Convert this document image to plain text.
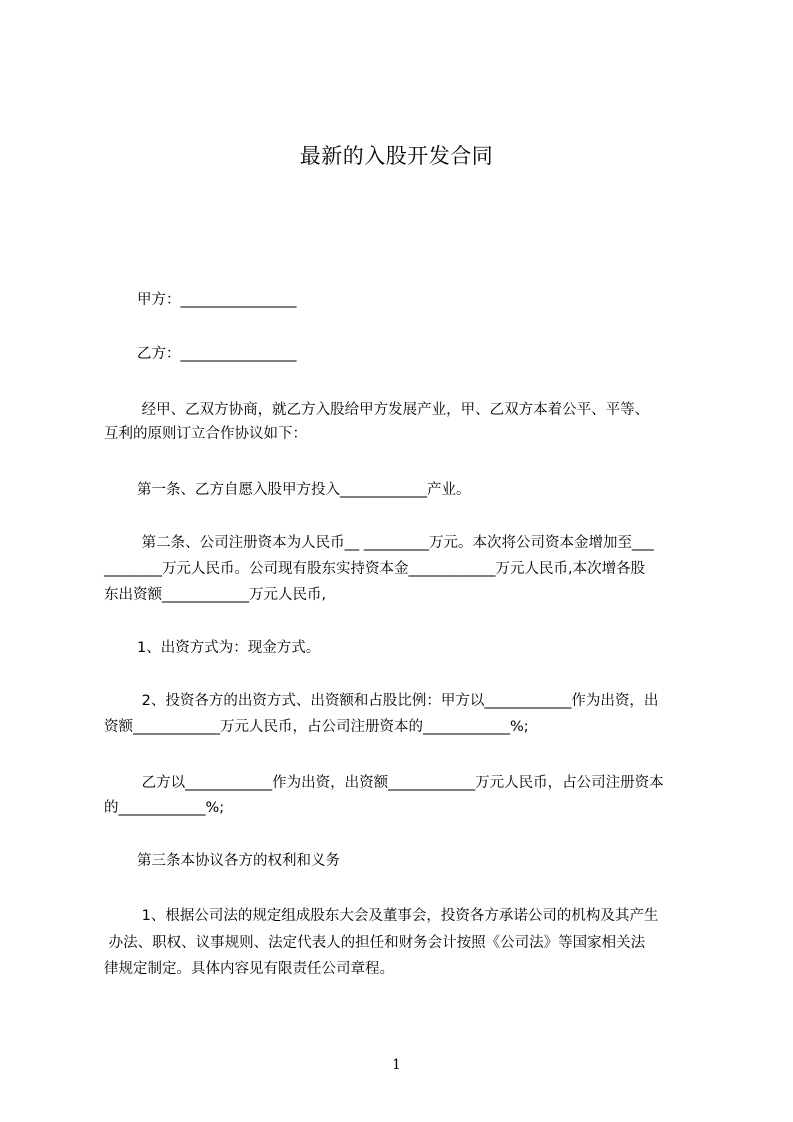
最新的入股开发合同
甲方：________________
乙方：________________
经甲、乙双方协商，就乙方入股给甲方发展产业，甲、乙双方本着公平、平等、
互利的原则订立合作协议如下：
第一条、乙方自愿入股甲方投入____________产业。
第二条、公司注册资本为人民币__ _________万元。本次将公司资本金增加至___
________万元人民币。公司现有股东实持资本金____________万元人民币,本次增各股
东出资额____________万元人民币,
1、出资方式为：现金方式。
2、投资各方的出资方式、出资额和占股比例：甲方以____________作为出资，出
资额____________万元人民币，占公司注册资本的____________%;
乙方以____________作为出资，出资额____________万元人民币，占公司注册资本
的____________%;
第三条本协议各方的权利和义务
1、根据公司法的规定组成股东大会及董事会，投资各方承诺公司的机构及其产生
办法、职权、议事规则、法定代表人的担任和财务会计按照《公司法》等国家相关法
律规定制定。具体内容见有限责任公司章程。
1
